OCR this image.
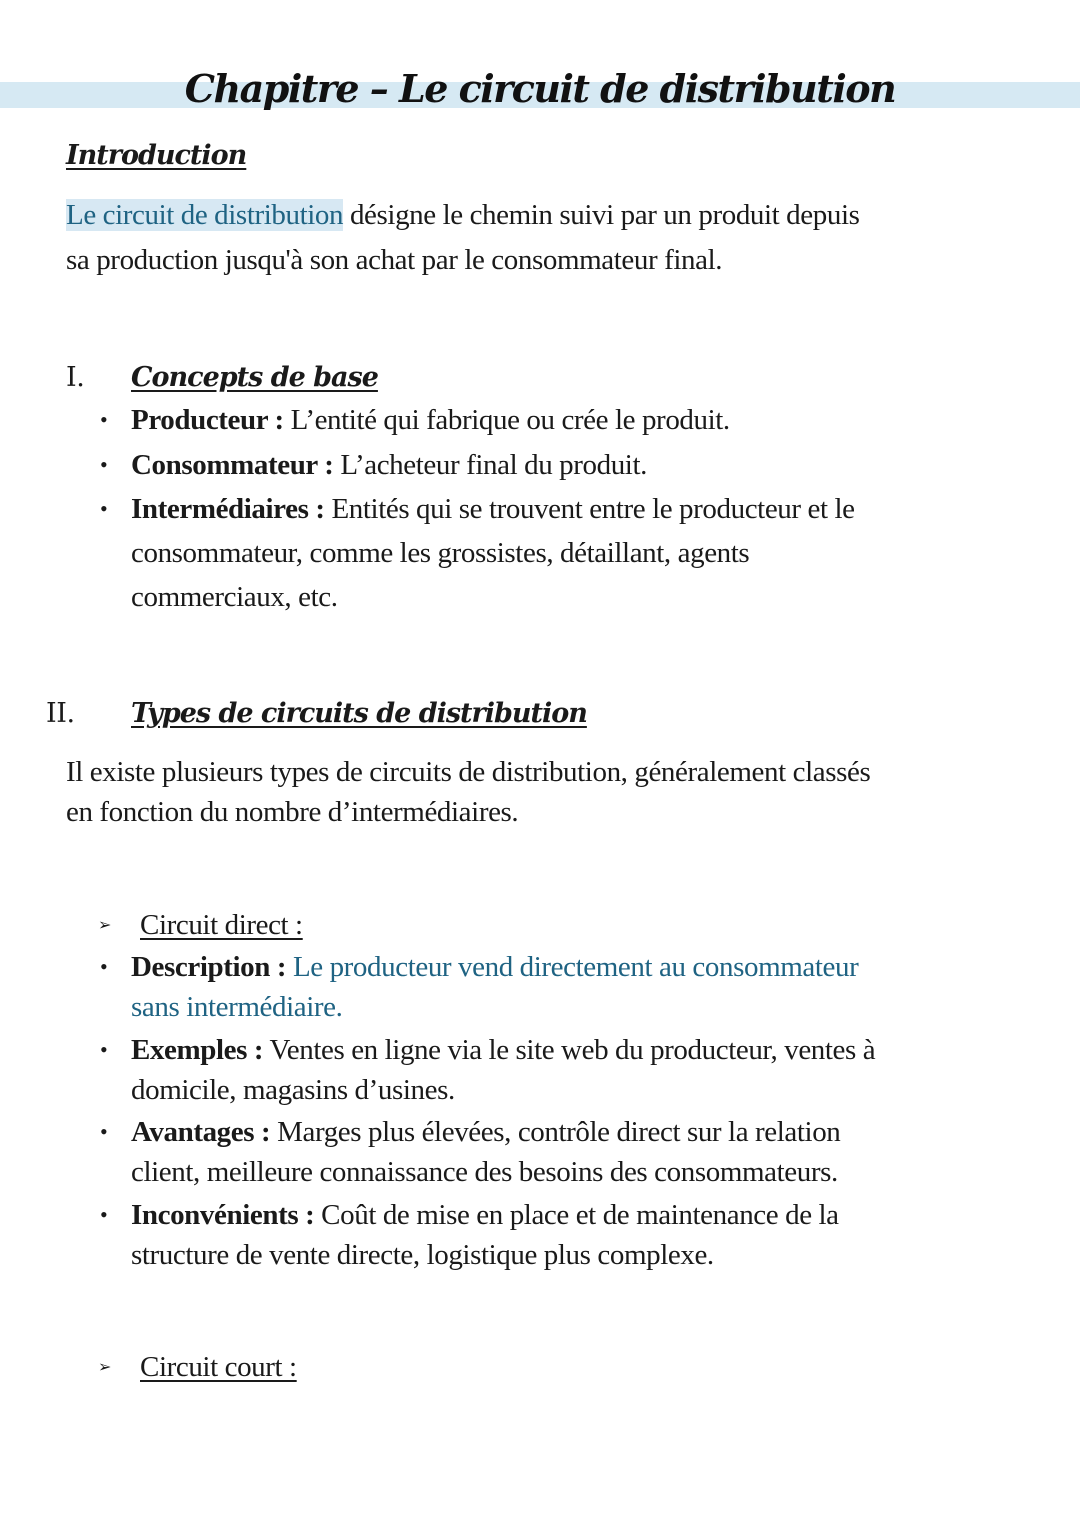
Chapitre – Le circuit de distribution
Introduction
Le circuit de distribution désigne le chemin suivi par un produit depuis
sa production jusqu'à son achat par le consommateur final.
I. Concepts de base
• Producteur : L’entité qui fabrique ou crée le produit.
• Consommateur : L’acheteur final du produit.
• Intermédiaires : Entités qui se trouvent entre le producteur et le
consommateur, comme les grossistes, détaillant, agents
commerciaux, etc.
II. Types de circuits de distribution
Il existe plusieurs types de circuits de distribution, généralement classés
en fonction du nombre d’intermédiaires.
➢ Circuit direct :
• Description : Le producteur vend directement au consommateur
sans intermédiaire.
• Exemples : Ventes en ligne via le site web du producteur, ventes à
domicile, magasins d’usines.
• Avantages : Marges plus élevées, contrôle direct sur la relation
client, meilleure connaissance des besoins des consommateurs.
• Inconvénients : Coût de mise en place et de maintenance de la
structure de vente directe, logistique plus complexe.
➢ Circuit court :
